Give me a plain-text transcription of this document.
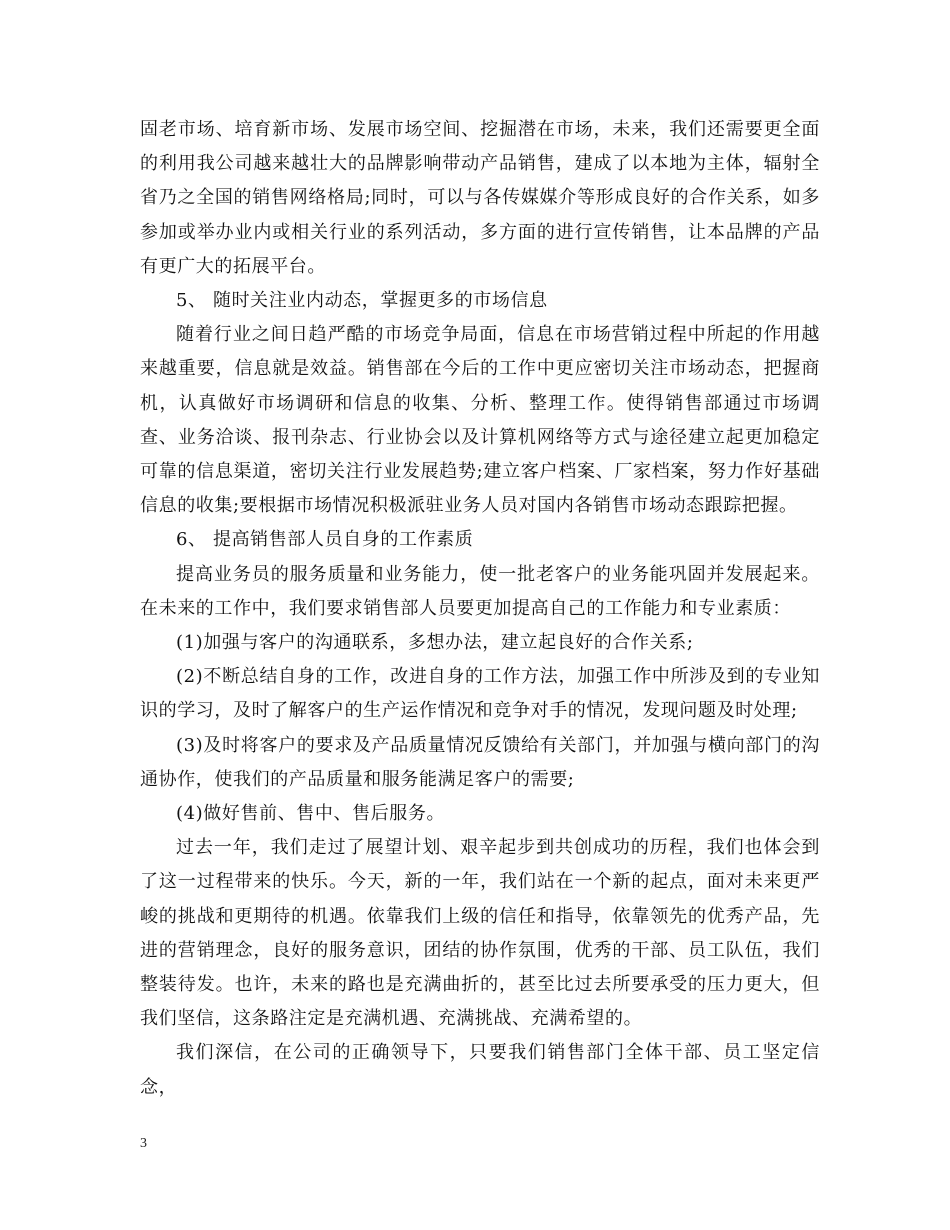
固老市场、培育新市场、发展市场空间、挖掘潜在市场，未来，我们还需要更全面的利用我公司越来越壮大的品牌影响带动产品销售，建成了以本地为主体，辐射全省乃之全国的销售网络格局;同时，可以与各传媒媒介等形成良好的合作关系，如多参加或举办业内或相关行业的系列活动，多方面的进行宣传销售，让本品牌的产品有更广大的拓展平台。

5、 随时关注业内动态，掌握更多的市场信息

随着行业之间日趋严酷的市场竞争局面，信息在市场营销过程中所起的作用越来越重要，信息就是效益。销售部在今后的工作中更应密切关注市场动态，把握商机，认真做好市场调研和信息的收集、分析、整理工作。使得销售部通过市场调查、业务洽谈、报刊杂志、行业协会以及计算机网络等方式与途径建立起更加稳定可靠的信息渠道，密切关注行业发展趋势;建立客户档案、厂家档案，努力作好基础信息的收集;要根据市场情况积极派驻业务人员对国内各销售市场动态跟踪把握。

6、 提高销售部人员自身的工作素质

提高业务员的服务质量和业务能力，使一批老客户的业务能巩固并发展起来。在未来的工作中，我们要求销售部人员要更加提高自己的工作能力和专业素质：

(1)加强与客户的沟通联系，多想办法，建立起良好的合作关系;

(2)不断总结自身的工作，改进自身的工作方法，加强工作中所涉及到的专业知识的学习，及时了解客户的生产运作情况和竞争对手的情况，发现问题及时处理;

(3)及时将客户的要求及产品质量情况反馈给有关部门，并加强与横向部门的沟通协作，使我们的产品质量和服务能满足客户的需要;

(4)做好售前、售中、售后服务。

过去一年，我们走过了展望计划、艰辛起步到共创成功的历程，我们也体会到了这一过程带来的快乐。今天，新的一年，我们站在一个新的起点，面对未来更严峻的挑战和更期待的机遇。依靠我们上级的信任和指导，依靠领先的优秀产品，先进的营销理念，良好的服务意识，团结的协作氛围，优秀的干部、员工队伍，我们整装待发。也许，未来的路也是充满曲折的，甚至比过去所要承受的压力更大，但我们坚信，这条路注定是充满机遇、充满挑战、充满希望的。

我们深信，在公司的正确领导下，只要我们销售部门全体干部、员工坚定信念，

3
